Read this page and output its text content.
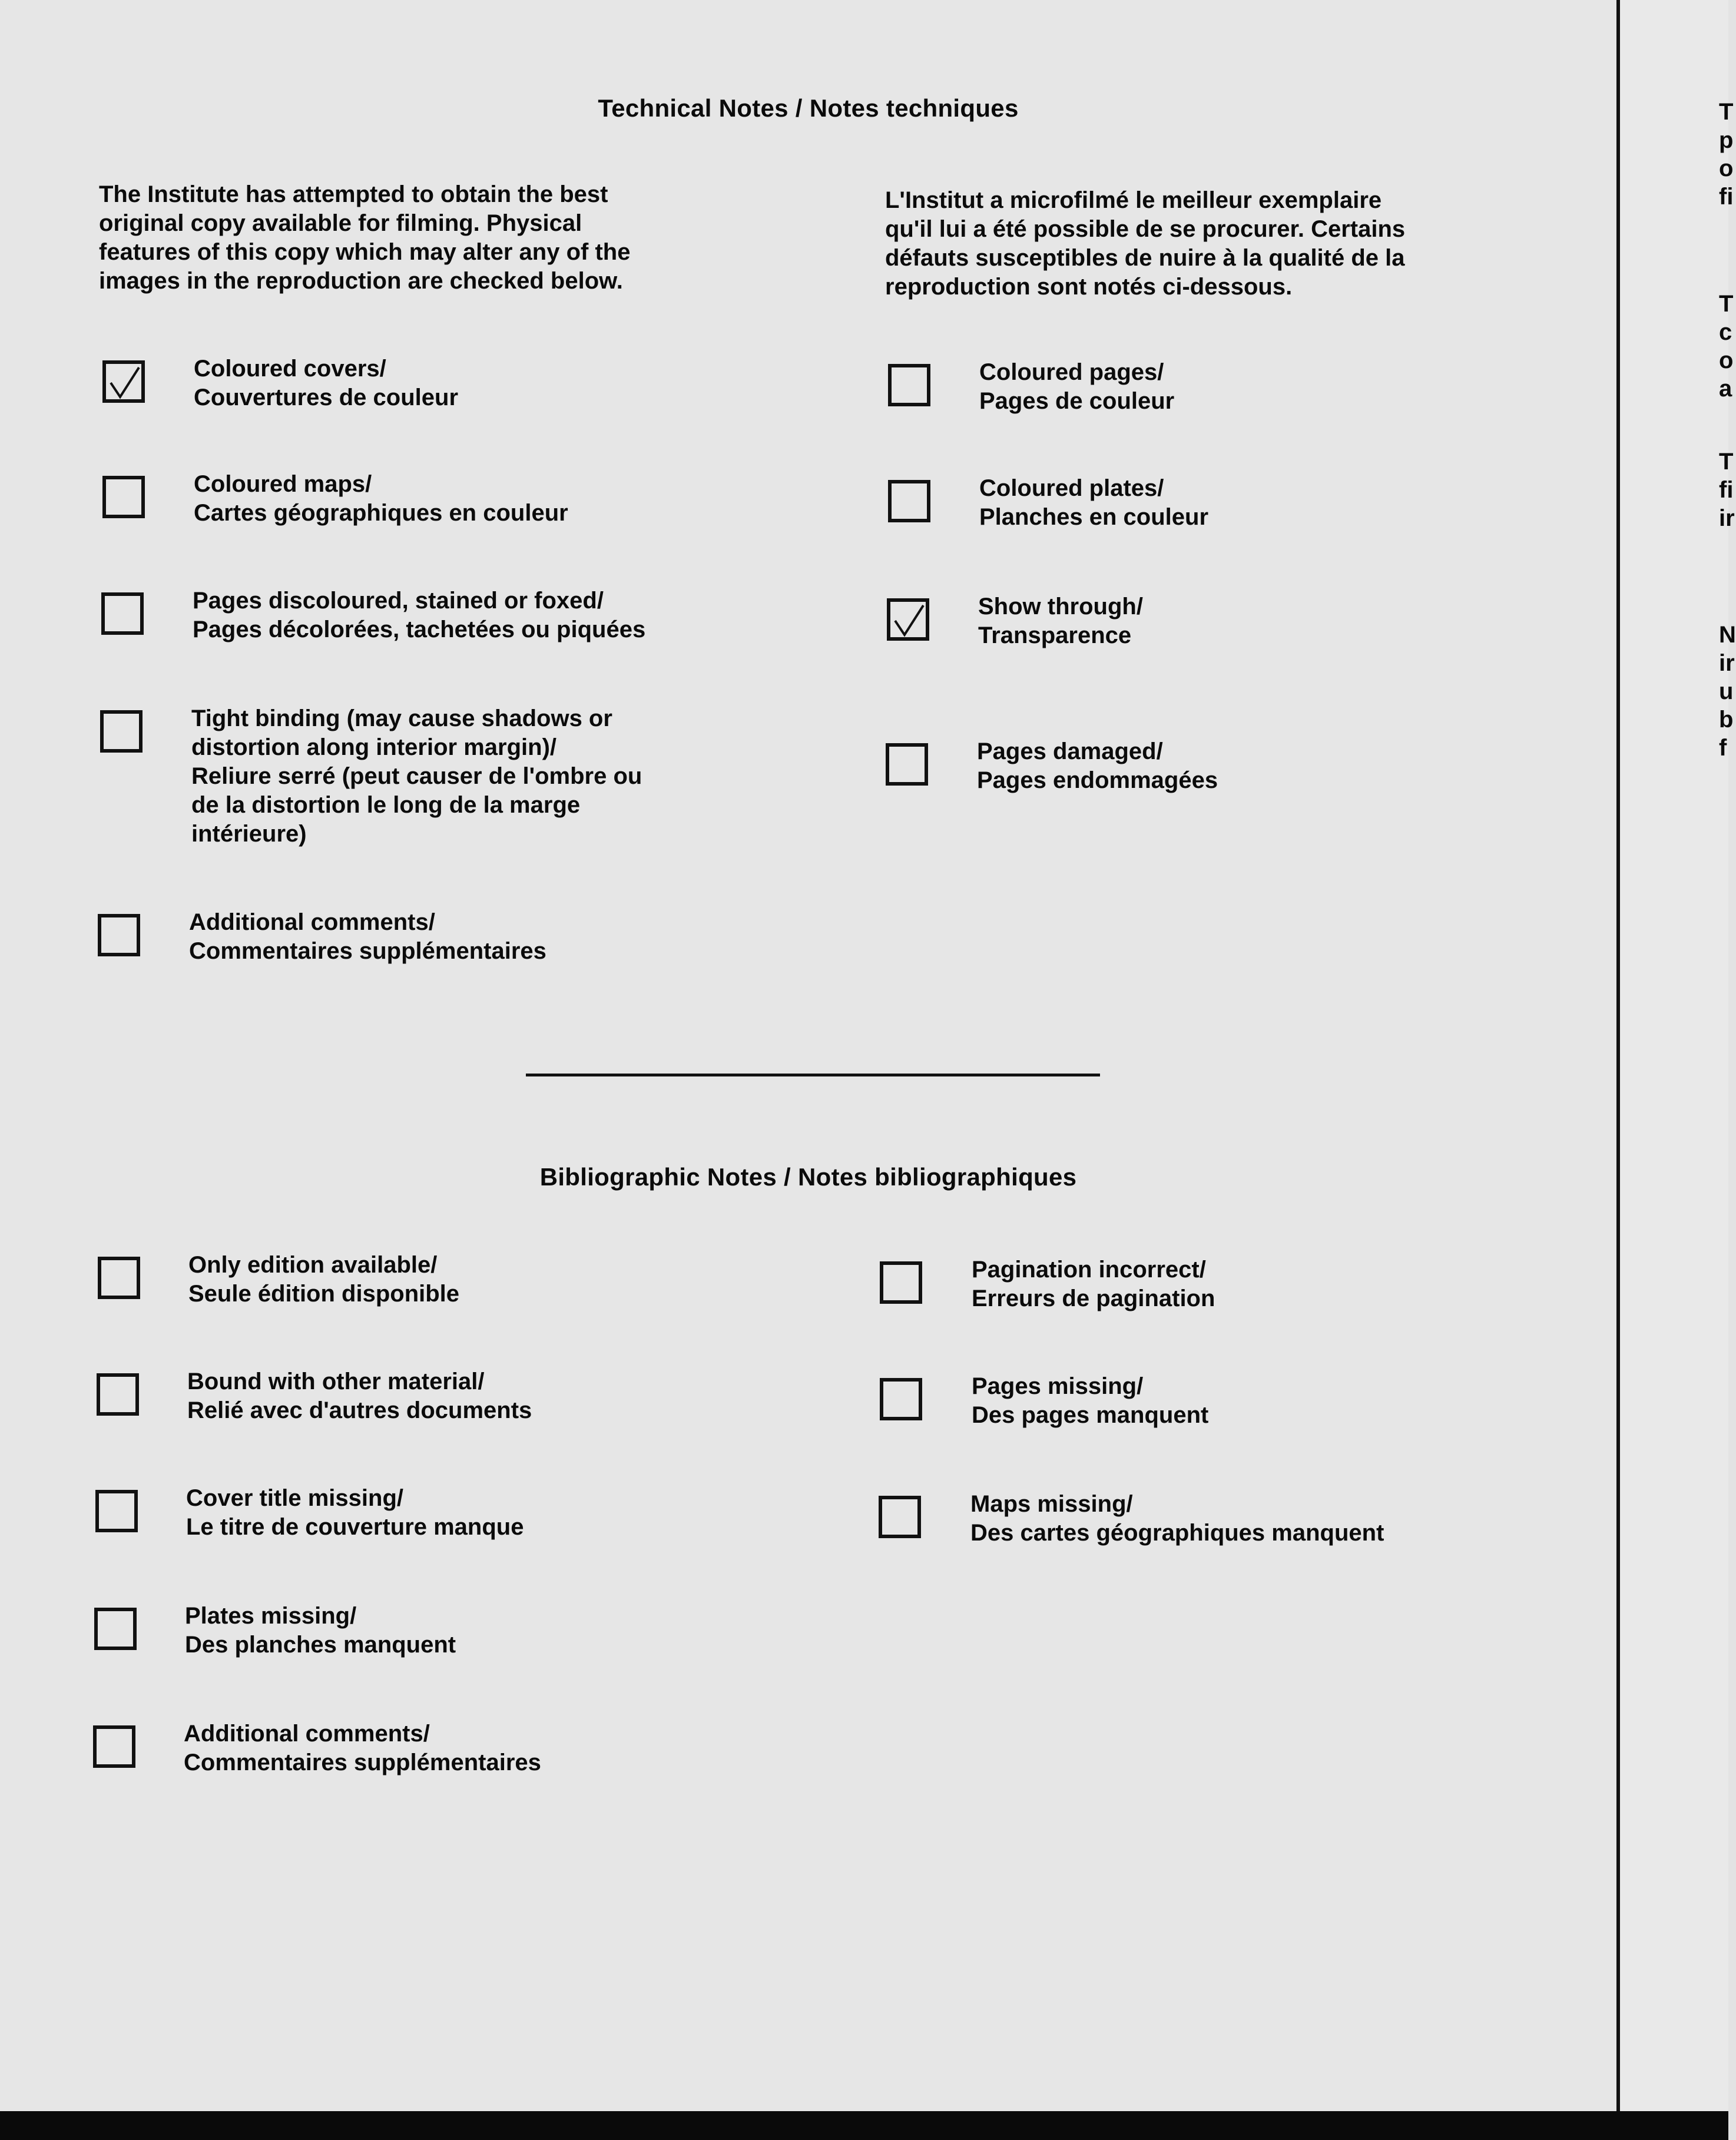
Technical Notes / Notes techniques
The Institute has attempted to obtain the best
original copy available for filming. Physical
features of this copy which may alter any of the
images in the reproduction are checked below.
L'Institut a microfilmé le meilleur exemplaire
qu'il lui a été possible de se procurer. Certains
défauts susceptibles de nuire à la qualité de la
reproduction sont notés ci-dessous.
Coloured covers/
Couvertures de couleur
Coloured maps/
Cartes géographiques en couleur
Pages discoloured, stained or foxed/
Pages décolorées, tachetées ou piquées
Tight binding (may cause shadows or
distortion along interior margin)/
Reliure serré (peut causer de l'ombre ou
de la distortion le long de la marge
intérieure)
Additional comments/
Commentaires supplémentaires
Coloured pages/
Pages de couleur
Coloured plates/
Planches en couleur
Show through/
Transparence
Pages damaged/
Pages endommagées
Bibliographic Notes / Notes bibliographiques
Only edition available/
Seule édition disponible
Bound with other material/
Relié avec d'autres documents
Cover title missing/
Le titre de couverture manque
Plates missing/
Des planches manquent
Additional comments/
Commentaires supplémentaires
Pagination incorrect/
Erreurs de pagination
Pages missing/
Des pages manquent
Maps missing/
Des cartes géographiques manquent
T
p
o
fi
T
c
o
a
T
fi
ir
N
ir
u
b
f
